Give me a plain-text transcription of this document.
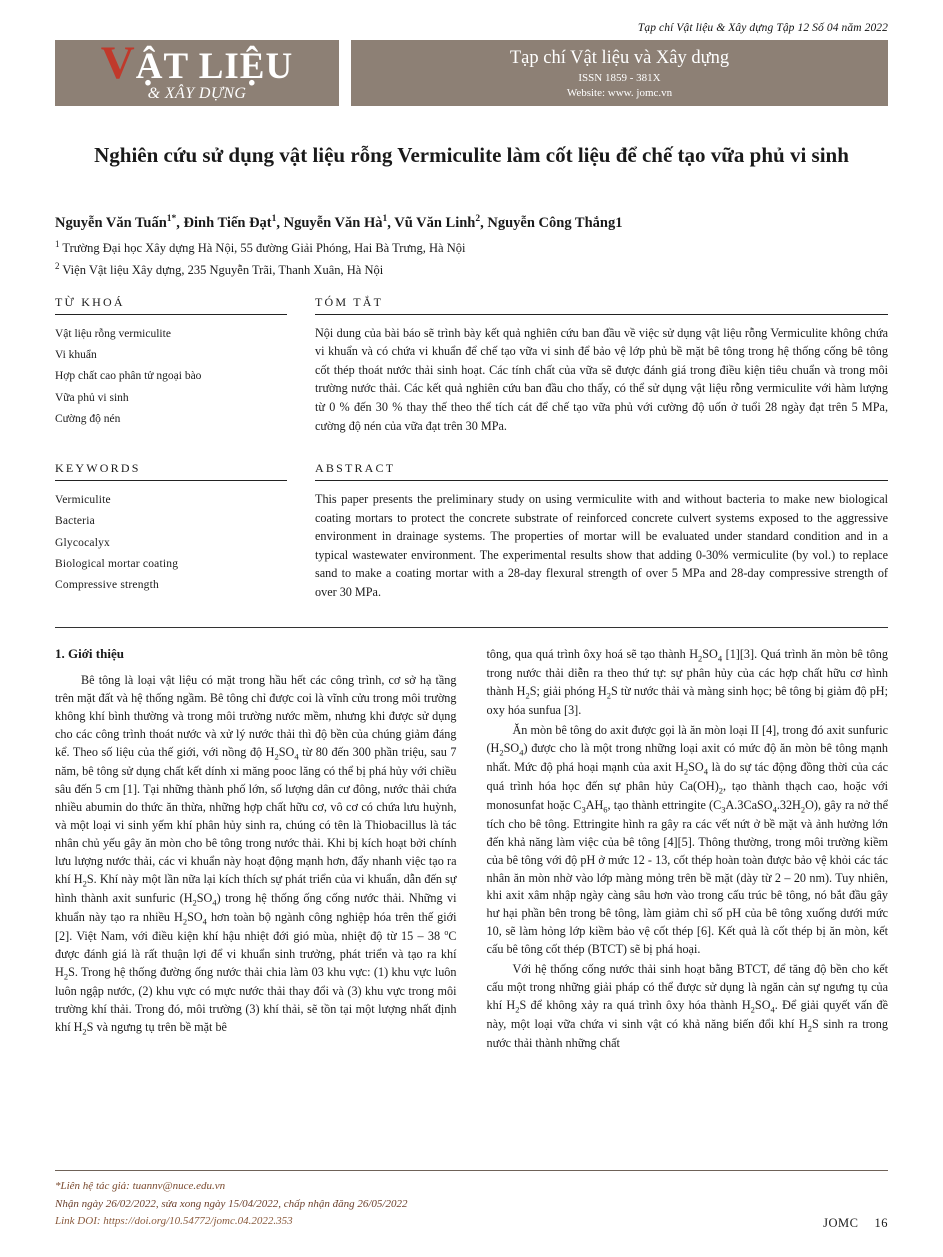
Tạp chí Vật liệu & Xây dựng Tập 12 Số 04 năm 2022
VẬT LIỆU
& XÂY DỰNG
Tạp chí Vật liệu và Xây dựng
ISSN 1859 - 381X
Website: www. jomc.vn
Nghiên cứu sử dụng vật liệu rỗng Vermiculite làm cốt liệu để chế tạo vữa phủ vi sinh
Nguyễn Văn Tuấn$^{1*}$, Đinh Tiến Đạt$^1$, Nguyễn Văn $Hà^1$, Vũ Văn Linh$^2$, Nguyễn Công Thắng1
$^1$ Trường Đại học Xây dựng Hà Nội, 55 đường Giải Phóng, Hai Bà Trưng, Hà Nội
$^2$ Viện Vật liệu Xây dựng, 235 Nguyễn Trãi, Thanh Xuân, Hà Nội
TỪ KHOÁ
Vật liệu rỗng vermiculite
Vi khuẩn
Hợp chất cao phân tử ngoại bào
Vữa phủ vi sinh
Cường độ nén
TÓM TẮT
Nội dung của bài báo sẽ trình bày kết quả nghiên cứu ban đầu về việc sử dụng vật liệu rỗng Vermiculite không chứa vi khuẩn và có chứa vi khuẩn để chế tạo vữa vi sinh để bảo vệ lớp phủ bề mặt bê tông trong hệ thống cống bê tông cốt thép thoát nước thải sinh hoạt. Các tính chất của vữa sẽ được đánh giá trong điều kiện tiêu chuẩn và trong môi trường nước thải. Các kết quả nghiên cứu ban đầu cho thấy, có thể sử dụng vật liệu rỗng vermiculite với hàm lượng từ 0 % đến 30 % thay thế theo thể tích cát để chế tạo vữa phủ với cường độ uốn ở tuổi 28 ngày đạt trên 5 MPa, cường độ nén của vữa đạt trên 30 MPa.
KEYWORDS
Vermiculite
Bacteria
Glycocalyx
Biological mortar coating
Compressive strength
ABSTRACT
This paper presents the preliminary study on using vermiculite with and without bacteria to make new biological coating mortars to protect the concrete substrate of reinforced concrete culvert systems exposed to the aggressive environment in drainage systems. The properties of mortar will be evaluated under standard condition and in a typical wastewater environment. The experimental results show that adding 0-30% vermiculite (by vol.) to replace sand to make a coating mortar with a 28-day flexural strength of over 5 MPa and 28-day compressive strength of over 30 MPa.
1. Giới thiệu

Bê tông là loại vật liệu có mặt trong hầu hết các công trình, cơ sở hạ tầng trên mặt đất và hệ thống ngầm. Bê tông chỉ được coi là vĩnh cửu trong môi trường không khí bình thường và trong môi trường nước mềm, nhưng khi được sử dụng cho các công trình thoát nước và xử lý nước thải thì độ bền của chúng giảm đáng kể. Theo số liệu của thế giới, với nồng độ $H_2SO_4$ từ 80 đến 300 phần triệu, sau 7 năm, bê tông sử dụng chất kết dính xi măng pooc lăng có thể bị phá hủy với chiều sâu đến 5 cm [1]. Tại những thành phố lớn, số lượng dân cư đông, nước thải chứa nhiều abumin do thức ăn thừa, những hợp chất hữu cơ, vô cơ có chứa lưu huỳnh, và một loại vi sinh yếm khí phân hủy sinh ra, chúng có tên là Thiobacillus là tác nhân chủ yếu gây ăn mòn cho bê tông trong nước thải. Khi bị kích hoạt bởi chính lưu lượng nước thải, các vi khuẩn này hoạt động mạnh hơn, đẩy nhanh việc tạo ra khí $H_2S$. Khí này một lần nữa lại kích thích sự phát triển của vi khuẩn, dẫn đến sự hình thành axit sunfuric $(H_2SO_4)$ trong hệ thống ống cống nước thải. Những vi khuẩn này tạo ra nhiều $H_2SO_4$ hơn toàn bộ ngành công nghiệp hóa trên thế giới [2]. Việt Nam, với điều kiện khí hậu nhiệt đới gió mùa, nhiệt độ từ 15 – 38 $^o$C được đánh giá là rất thuận lợi để vi khuẩn sinh trưởng, phát triển và tạo ra khí $H_2S$. Trong hệ thống đường ống nước thải chia làm 03 khu vực: (1) khu vực luôn luôn ngập nước, (2) khu vực có mực nước thải thay đổi và (3) khu vực trong môi trường khí thải. Trong đó, môi trường (3) khí thải, sẽ tồn tại một lượng nhất định khí $H_2S$ và ngưng tụ trên bề mặt bê

tông, qua quá trình ôxy hoá sẽ tạo thành $H_2SO_4$ [1][3]. Quá trình ăn mòn bê tông trong nước thải diễn ra theo thứ tự: sự phân hủy của các hợp chất hữu cơ hình thành $H_2S$; giải phóng $H_2S$ từ nước thải và màng sinh học; bê tông bị giảm độ pH; oxy hóa sunfua [3].

Ăn mòn bê tông do axit được gọi là ăn mòn loại II [4], trong đó axit sunfuric $(H_2SO_4)$ được cho là một trong những loại axit có mức độ ăn mòn bê tông mạnh nhất. Mức độ phá hoại mạnh của axit $H_2SO_4$ là do sự tác động đồng thời của các quá trình hóa học đến sự phân hủy $Ca(OH)_2$, tạo thành thạch cao, hoặc với monosunfat hoặc $C_3AH_6$, tạo thành ettringite $(C_3A.3CaSO_4.32H_2O)$, gây ra nở thể tích cho bê tông. Ettringite hình ra gây ra các vết nứt ở bề mặt và ảnh hưởng lớn đến khả năng làm việc của bê tông [4][5]. Thông thường, trong môi trường kiềm của bê tông với độ pH ở mức 12 - 13, cốt thép hoàn toàn được bảo vệ khỏi các tác nhân ăn mòn nhờ vào lớp màng mỏng trên bề mặt (dày từ 2 – 20 nm). Tuy nhiên, khi axit xâm nhập ngày càng sâu hơn vào trong cấu trúc bê tông, nó bắt đầu gây hư hại phần bên trong bê tông, làm giảm chỉ số pH của bê tông xuống dưới mức 10, sẽ làm hỏng lớp kiềm bảo vệ cốt thép [6]. Kết quả là cốt thép bị ăn mòn, kết cấu bê tông cốt thép (BTCT) sẽ bị phá hoại.

Với hệ thống cống nước thải sinh hoạt bằng BTCT, để tăng độ bền cho kết cấu một trong những giải pháp có thể được sử dụng là ngăn cản sự ngưng tụ của khí $H_2S$ để không xảy ra quá trình ôxy hóa thành $H_2SO_4$. Để giải quyết vấn đề này, một loại vữa chứa vi sinh vật có khả năng biến đổi khí $H_2S$ sinh ra trong nước thải thành những chất

*Liên hệ tác giả: tuannv@nuce.edu.vn
Nhận ngày 26/02/2022, sửa xong ngày 15/04/2022, chấp nhận đăng 26/05/2022
Link DOI: https://doi.org/10.54772/jomc.04.2022.353	JOMC 16
